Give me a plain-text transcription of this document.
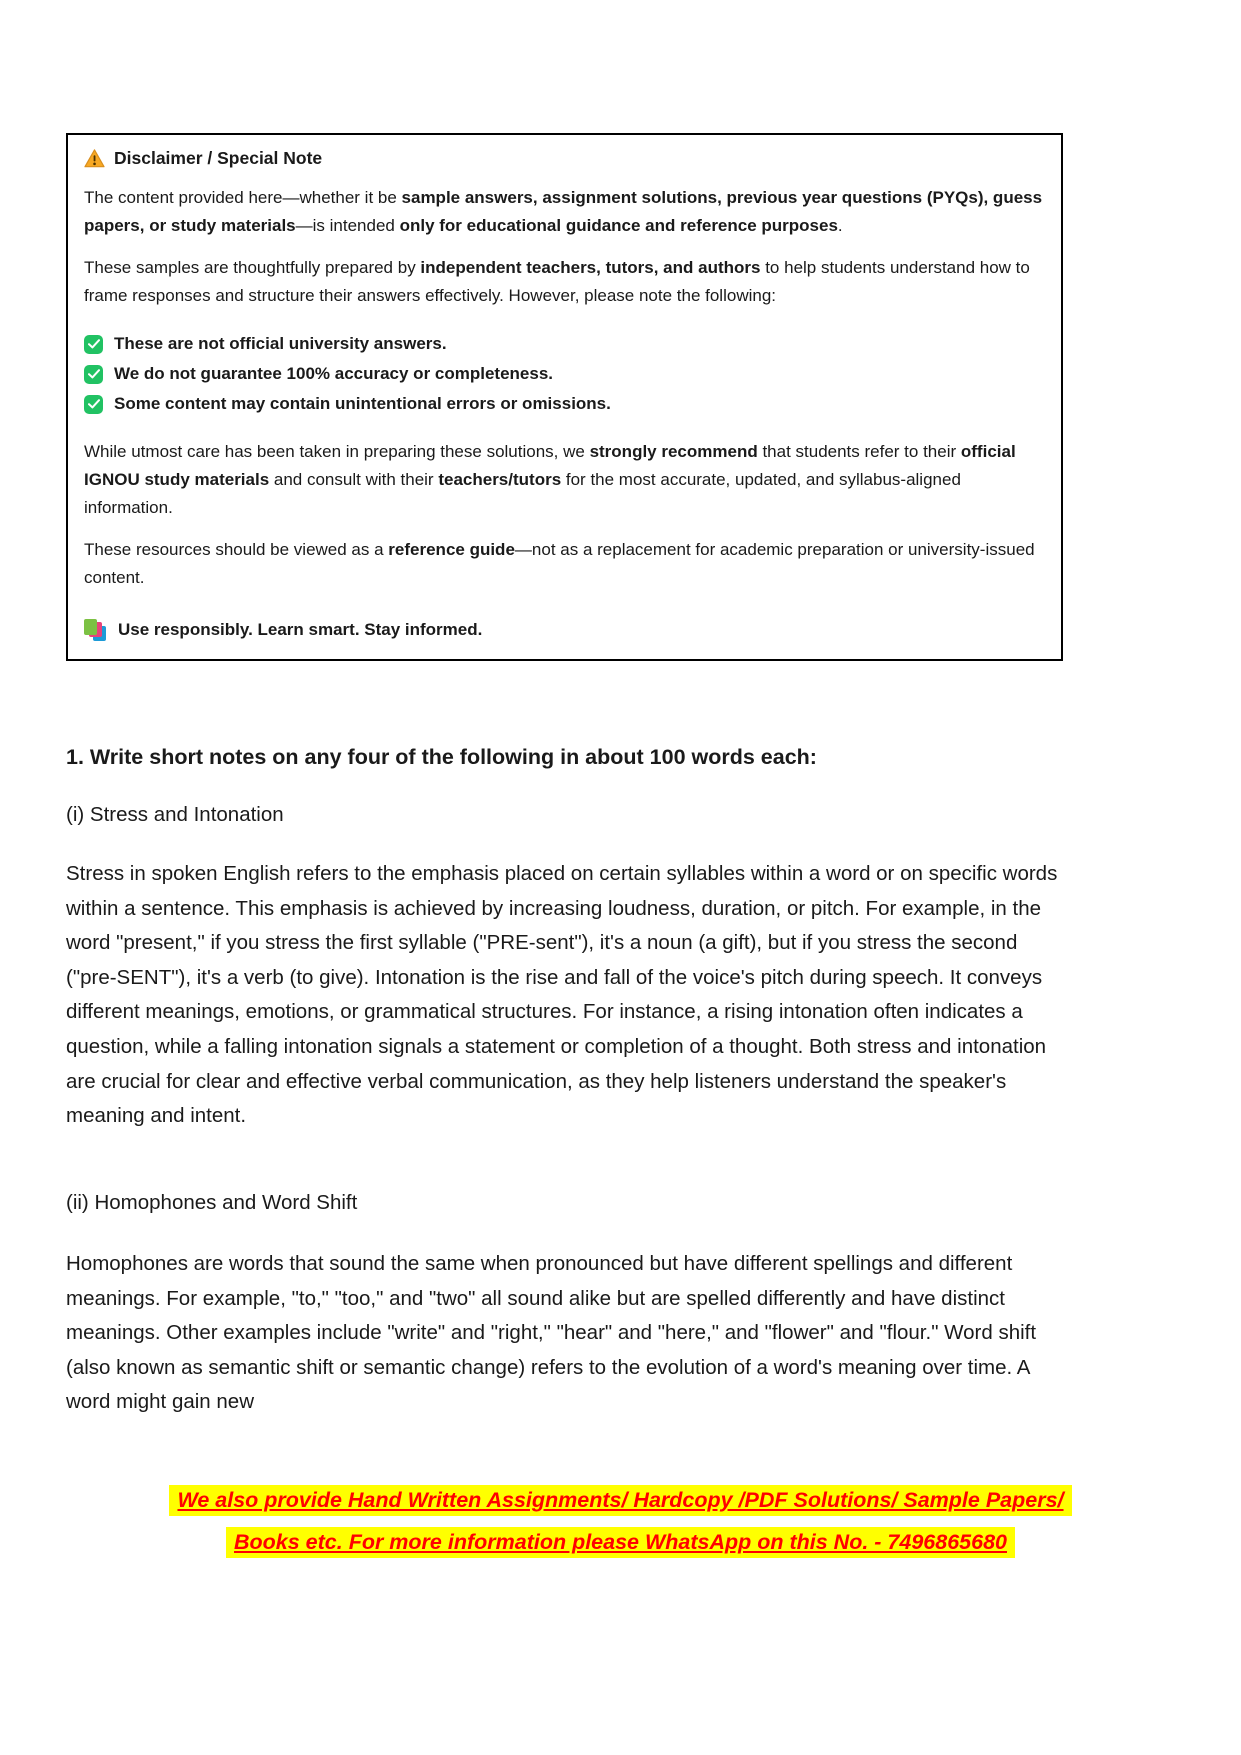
Disclaimer / Special Note

The content provided here—whether it be sample answers, assignment solutions, previous year questions (PYQs), guess papers, or study materials—is intended only for educational guidance and reference purposes.

These samples are thoughtfully prepared by independent teachers, tutors, and authors to help students understand how to frame responses and structure their answers effectively. However, please note the following:

These are not official university answers.
We do not guarantee 100% accuracy or completeness.
Some content may contain unintentional errors or omissions.

While utmost care has been taken in preparing these solutions, we strongly recommend that students refer to their official IGNOU study materials and consult with their teachers/tutors for the most accurate, updated, and syllabus-aligned information.

These resources should be viewed as a reference guide—not as a replacement for academic preparation or university-issued content.

Use responsibly. Learn smart. Stay informed.
1. Write short notes on any four of the following in about 100 words each:
(i) Stress and Intonation
Stress in spoken English refers to the emphasis placed on certain syllables within a word or on specific words within a sentence. This emphasis is achieved by increasing loudness, duration, or pitch. For example, in the word "present," if you stress the first syllable ("PRE-sent"), it's a noun (a gift), but if you stress the second ("pre-SENT"), it's a verb (to give). Intonation is the rise and fall of the voice's pitch during speech. It conveys different meanings, emotions, or grammatical structures. For instance, a rising intonation often indicates a question, while a falling intonation signals a statement or completion of a thought. Both stress and intonation are crucial for clear and effective verbal communication, as they help listeners understand the speaker's meaning and intent.
(ii) Homophones and Word Shift
Homophones are words that sound the same when pronounced but have different spellings and different meanings. For example, "to," "too," and "two" all sound alike but are spelled differently and have distinct meanings. Other examples include "write" and "right," "hear" and "here," and "flower" and "flour." Word shift (also known as semantic shift or semantic change) refers to the evolution of a word's meaning over time. A word might gain new
We also provide Hand Written Assignments/ Hardcopy /PDF Solutions/ Sample Papers/
Books etc. For more information please WhatsApp on this No. - 7496865680
